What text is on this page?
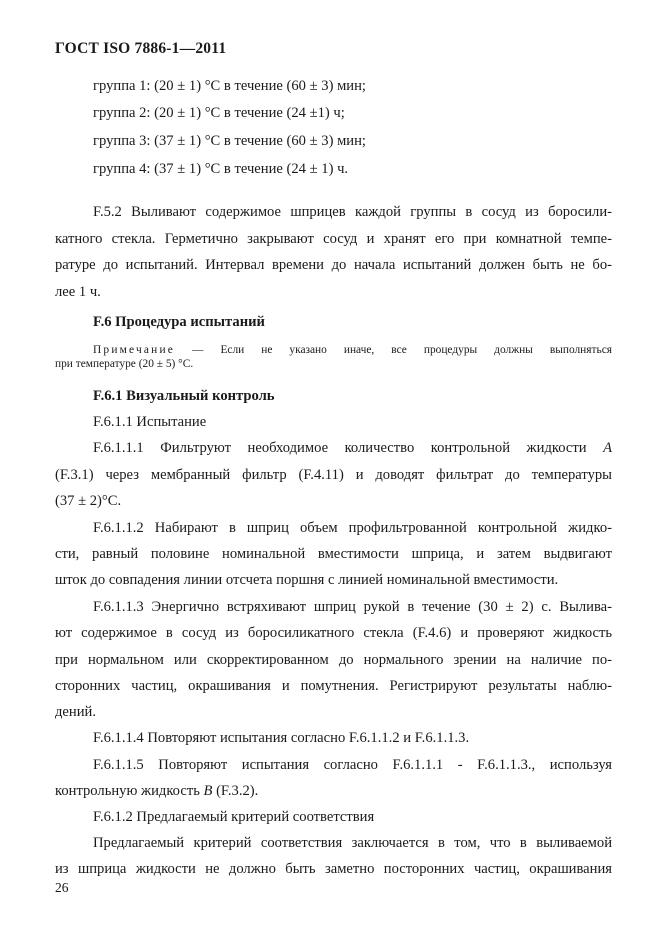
ГОСТ ISO 7886-1—2011
группа 1: (20 ± 1) °С в течение (60 ± 3) мин;
группа 2: (20 ± 1) °С в течение (24 ±1) ч;
группа 3: (37 ± 1) °С в течение (60 ± 3) мин;
группа 4: (37 ± 1) °С в течение (24 ± 1) ч.
F.5.2 Выливают содержимое шприцев каждой группы в сосуд из боросили-
катного стекла. Герметично закрывают сосуд и хранят его при комнатной темпе-
ратуре до испытаний. Интервал времени до начала испытаний должен быть не бо-
лее 1 ч.
F.6 Процедура испытаний
Примечание — Если не указано иначе, все процедуры должны выполняться
при температуре (20 ± 5) °С.
F.6.1 Визуальный контроль
F.6.1.1 Испытание
F.6.1.1.1 Фильтруют необходимое количество контрольной жидкости А
(F.3.1) через мембранный фильтр (F.4.11) и доводят фильтрат до температуры
(37 ± 2)°С.
F.6.1.1.2 Набирают в шприц объем профильтрованной контрольной жидко-
сти, равный половине номинальной вместимости шприца, и затем выдвигают
шток до совпадения линии отсчета поршня с линией номинальной вместимости.
F.6.1.1.3 Энергично встряхивают шприц рукой в течение (30 ± 2) с. Вылива-
ют содержимое в сосуд из боросиликатного стекла (F.4.6) и проверяют жидкость
при нормальном или скорректированном до нормального зрении на наличие по-
сторонних частиц, окрашивания и помутнения. Регистрируют результаты наблю-
дений.
F.6.1.1.4 Повторяют испытания согласно F.6.1.1.2 и F.6.1.1.3.
F.6.1.1.5 Повторяют испытания согласно F.6.1.1.1 - F.6.1.1.3., используя
контрольную жидкость В (F.3.2).
F.6.1.2 Предлагаемый критерий соответствия
Предлагаемый критерий соответствия заключается в том, что в выливаемой
из шприца жидкости не должно быть заметно посторонних частиц, окрашивания
26
